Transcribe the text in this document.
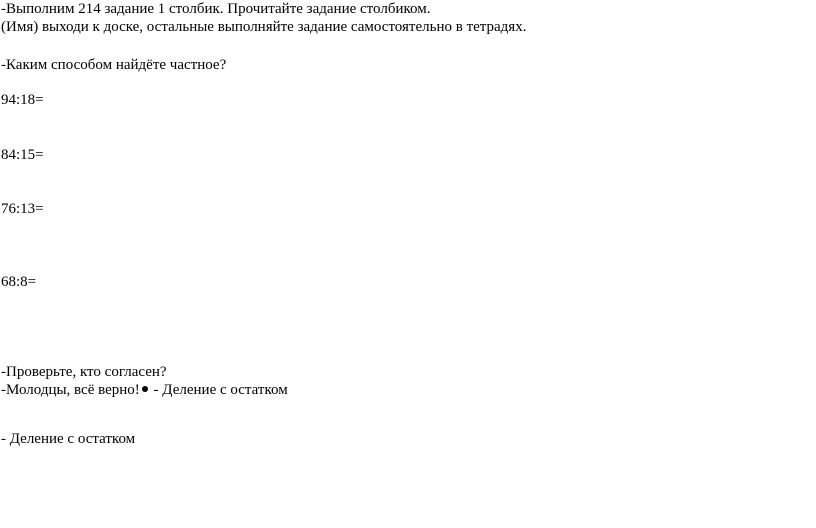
-Выполним 214 задание 1 столбик. Прочитайте задание столбиком.
(Имя) выходи к доске, остальные выполняйте задание самостоятельно в тетрадях.
-Каким способом найдёте частное?
94:18=
84:15=
76:13=
68:8=
-Проверьте, кто согласен?
-Молодцы, всё верно! - Деление с остатком
- Деление с остатком
